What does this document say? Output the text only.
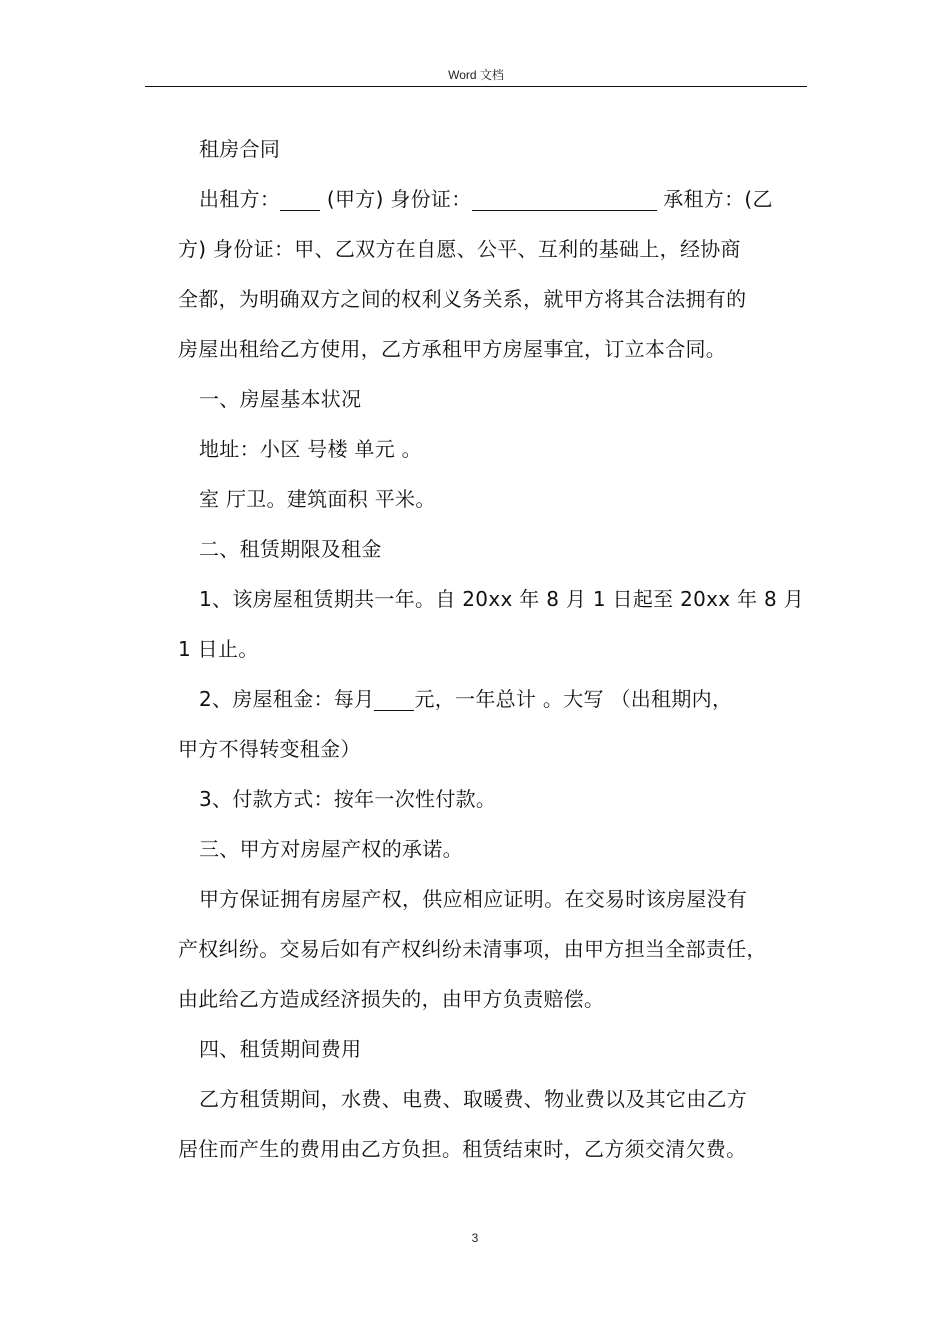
Word 文档

租房合同

出租方： (甲方) 身份证：	承租方：(乙

方) 身份证：甲、乙双方在自愿、公平、互利的基础上，经协商

全都，为明确双方之间的权利义务关系，就甲方将其合法拥有的

房屋出租给乙方使用，乙方承租甲方房屋事宜，订立本合同。

一、房屋基本状况

地址：小区 号楼 单元 。

室 厅卫。建筑面积 平米。

二、租赁期限及租金

1、该房屋租赁期共一年。自 20xx 年 8 月 1 日起至 20xx 年 8 月

1 日止。

2、房屋租金：每月 元，一年总计 。大写 （出租期内，

甲方不得转变租金）

3、付款方式：按年一次性付款。

三、甲方对房屋产权的承诺。

甲方保证拥有房屋产权，供应相应证明。在交易时该房屋没有

产权纠纷。交易后如有产权纠纷未清事项，由甲方担当全部责任，

由此给乙方造成经济损失的，由甲方负责赔偿。

四、租赁期间费用

乙方租赁期间，水费、电费、取暖费、物业费以及其它由乙方

居住而产生的费用由乙方负担。租赁结束时，乙方须交清欠费。

3
